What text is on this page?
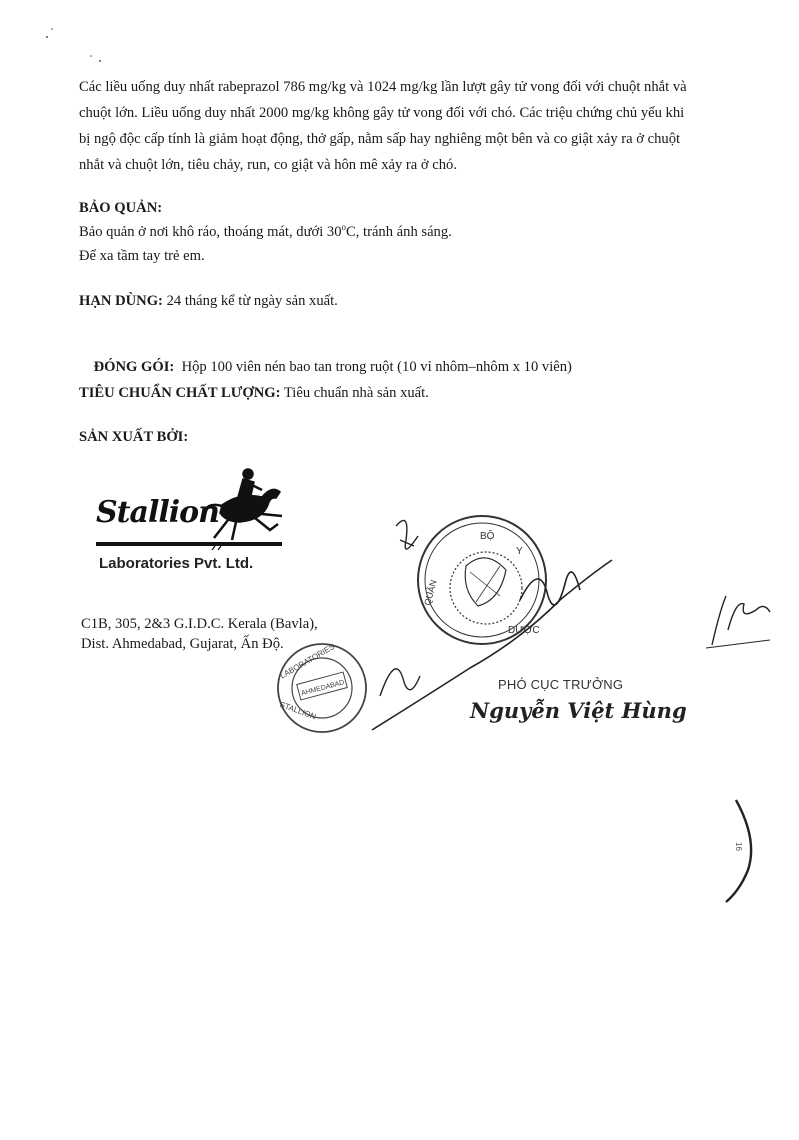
Các liều uống duy nhất rabeprazol 786 mg/kg và 1024 mg/kg lần lượt gây tử vong đối với chuột nhắt và
chuột lớn. Liều uống duy nhất 2000 mg/kg không gây tử vong đối với chó. Các triệu chứng chủ yếu khi
bị ngộ độc cấp tính là giảm hoạt động, thở gấp, nằm sấp hay nghiêng một bên và co giật xảy ra ở chuột
nhắt và chuột lớn, tiêu chảy, run, co giật và hôn mê xảy ra ở chó.
BẢO QUẢN:
Bảo quản ở nơi khô ráo, thoáng mát, dưới 30$^o$C, tránh ánh sáng.
Để xa tầm tay trẻ em.
HẠN DÙNG: 24 tháng kể từ ngày sản xuất.

ĐÓNG GÓI:  Hộp 100 viên nén bao tan trong ruột (10 vỉ nhôm–nhôm x 10 viên)

TIÊU CHUẨN CHẤT LƯỢNG: Tiêu chuẩn nhà sản xuất.
SẢN XUẤT BỞI:
Stallion
Laboratories Pvt. Ltd.
C1B, 305, 2&3 G.I.D.C. Kerala (Bavla),
Dist. Ahmedabad, Gujarat, Ấn Độ.
BỘ
Y
QUẢN
DƯỢC
AHMEDABAD
LABORATORIES
STALLION
16
PHÓ CỤC TRƯỞNG
Nguyễn Việt Hùng
